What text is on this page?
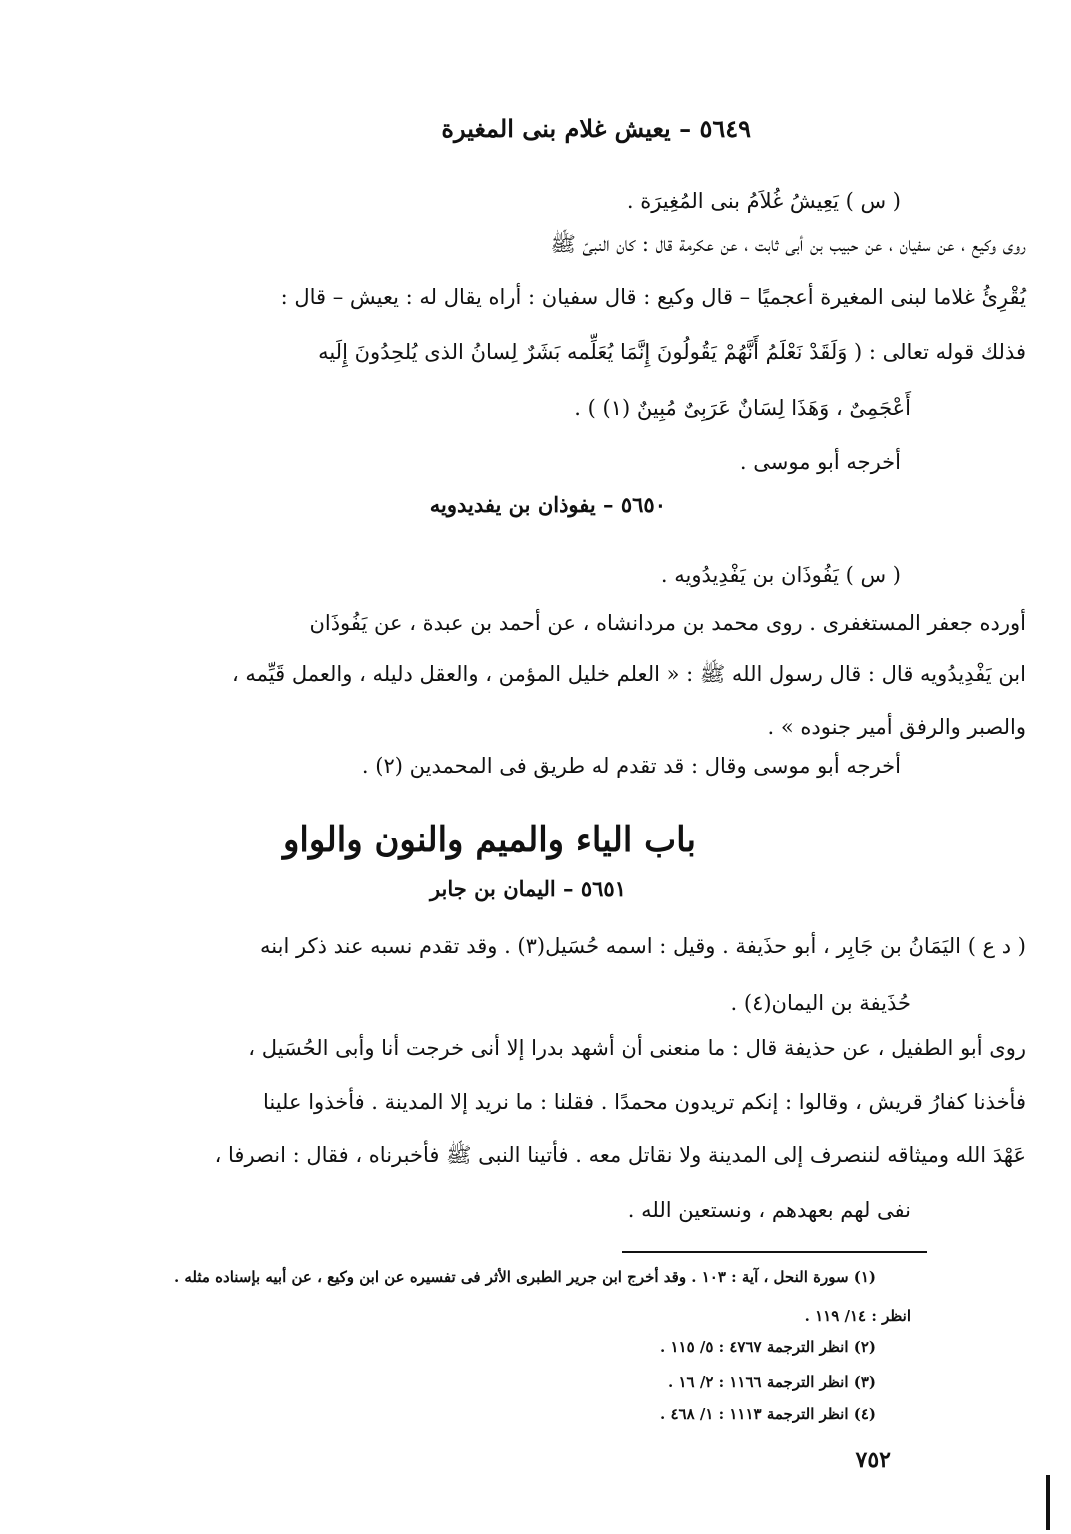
٥٦٤٩ – يعيش غلام بنى المغيرة
( س ) يَعِيشُ غُلاَمُ بنى المُغِيرَة .
روى وكيع ، عن سفيان ، عن حبيب بن أبى ثابت ، عن عكرمة قال : كان النبىّ ﷺ
يُقْرِئُ غلاما لبنى المغيرة أعجميًا – قال وكيع : قال سفيان : أراه يقال له : يعيش – قال :
فذلك قوله تعالى : ( وَلَقَدْ نَعْلَمُ أَنَّهُمْ يَقُولُونَ إِنَّمَا يُعَلِّمه بَشَرٌ لِسانُ الذى يُلحِدُونَ إِلَيه
أَعْجَمِىٌ ، وَهَذَا لِسَانٌ عَرَبِىٌ مُبِينٌ (١) ) .
أخرجه أبو موسى .
٥٦٥٠ – يفوذان بن يفديدويه
( س ) يَفُوذَان بن يَفْدِيدُويه .
أورده جعفر المستغفرى . روى محمد بن مردانشاه ، عن أحمد بن عبدة ، عن يَفُوذَان
ابن يَفْدِيدُويه قال : قال رسول الله ﷺ : « العلم خليل المؤمن ، والعقل دليله ، والعمل قَيِّمه ،
والصبر والرفق أمير جنوده » .
أخرجه أبو موسى وقال : قد تقدم له طريق فى المحمدين (٢) .
باب الياء والميم والنون والواو
٥٦٥١ – اليمان بن جابر
( د ع ) اليَمَانُ بن جَابِر ، أبو حذَيفة . وقيل : اسمه حُسَيل(٣) . وقد تقدم نسبه عند ذكر ابنه
حُذَيفة بن اليمان(٤) .
روى أبو الطفيل ، عن حذيفة قال : ما منعنى أن أشهد بدرا إلا أنى خرجت أنا وأبى الحُسَيل ،
فأخذنا كفارُ قريش ، وقالوا : إنكم تريدون محمدًا . فقلنا : ما نريد إلا المدينة . فأخذوا علينا
عَهْدَ الله وميثاقه لننصرف إلى المدينة ولا نقاتل معه . فأتينا النبى ﷺ فأخبرناه ، فقال : انصرفا ،
نفى لهم بعهدهم ، ونستعين الله .
(١) سورة النحل ، آية : ١٠٣ . وقد أخرج ابن جرير الطبرى الأثر فى تفسيره عن ابن وكيع ، عن أبيه بإسناده مثله .
انظر : ١٤/ ١١٩ .
(٢) انظر الترجمة ٤٧٦٧ : ٥/ ١١٥ .
(٣) انظر الترجمة ١١٦٦ : ٢/ ١٦ .
(٤) انظر الترجمة ١١١٣ : ١/ ٤٦٨ .
٧٥٢
